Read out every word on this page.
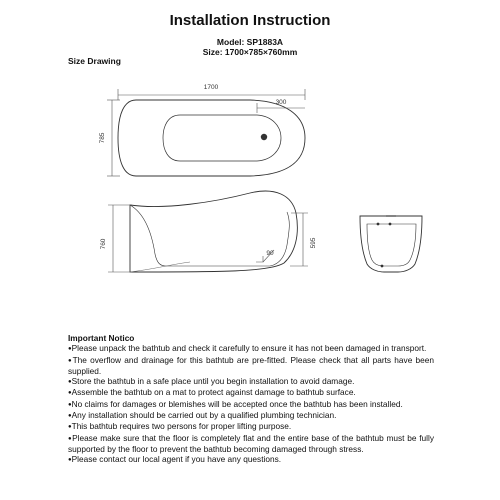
Installation Instruction
Model: SP1883A
Size: 1700×785×760mm
Size Drawing
1700
300
785
760
90
595
Important Notico
●Please unpack the bathtub and check it carefully to ensure it has not been damaged in transport.
●The overflow and drainage for this bathtub are pre-fitted. Please check that all parts have been supplied.
●Store the bathtub in a safe place until you begin installation to avoid damage.
●Assemble the bathtub on a mat to protect against damage to bathtub surface.
●No claims for damages or blemishes will be accepted once the bathtub has been installed.
●Any installation should be carried out by a qualified plumbing technician.
●This bathtub requires two persons for proper lifting purpose.
●Please make sure that the floor is completely flat and the entire base of the bathtub must be fully supported by the floor to prevent the bathtub becoming damaged through stress.
●Please contact our local agent if you have any questions.
